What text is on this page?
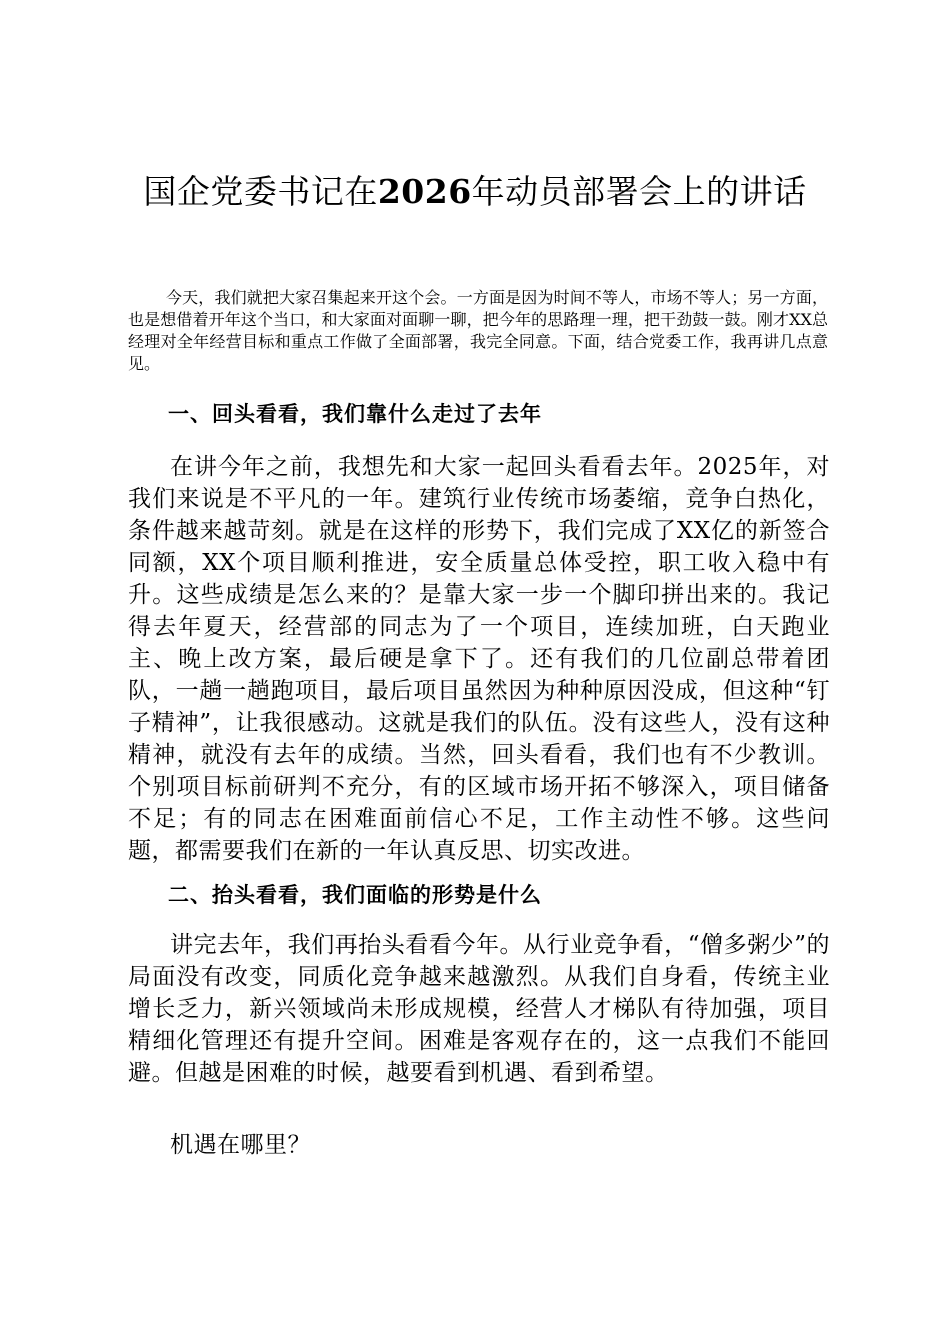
国企党委书记在2026年动员部署会上的讲话

今天，我们就把大家召集起来开这个会。一方面是因为时间不等人，市场不等人；另一方面，也是想借着开年这个当口，和大家面对面聊一聊，把今年的思路理一理，把干劲鼓一鼓。刚才XX总经理对全年经营目标和重点工作做了全面部署，我完全同意。下面，结合党委工作，我再讲几点意见。

一、回头看看，我们靠什么走过了去年

在讲今年之前，我想先和大家一起回头看看去年。2025年，对我们来说是不平凡的一年。建筑行业传统市场萎缩，竞争白热化，条件越来越苛刻。就是在这样的形势下，我们完成了XX亿的新签合同额，XX个项目顺利推进，安全质量总体受控，职工收入稳中有升。这些成绩是怎么来的？是靠大家一步一个脚印拼出来的。我记得去年夏天，经营部的同志为了一个项目，连续加班，白天跑业主、晚上改方案，最后硬是拿下了。还有我们的几位副总带着团队，一趟一趟跑项目，最后项目虽然因为种种原因没成，但这种“钉子精神”，让我很感动。这就是我们的队伍。没有这些人，没有这种精神，就没有去年的成绩。当然，回头看看，我们也有不少教训。个别项目标前研判不充分，有的区域市场开拓不够深入，项目储备不足；有的同志在困难面前信心不足，工作主动性不够。这些问题，都需要我们在新的一年认真反思、切实改进。

二、抬头看看，我们面临的形势是什么

讲完去年，我们再抬头看看今年。从行业竞争看，“僧多粥少”的局面没有改变，同质化竞争越来越激烈。从我们自身看，传统主业增长乏力，新兴领域尚未形成规模，经营人才梯队有待加强，项目精细化管理还有提升空间。困难是客观存在的，这一点我们不能回避。但越是困难的时候，越要看到机遇、看到希望。

机遇在哪里？
